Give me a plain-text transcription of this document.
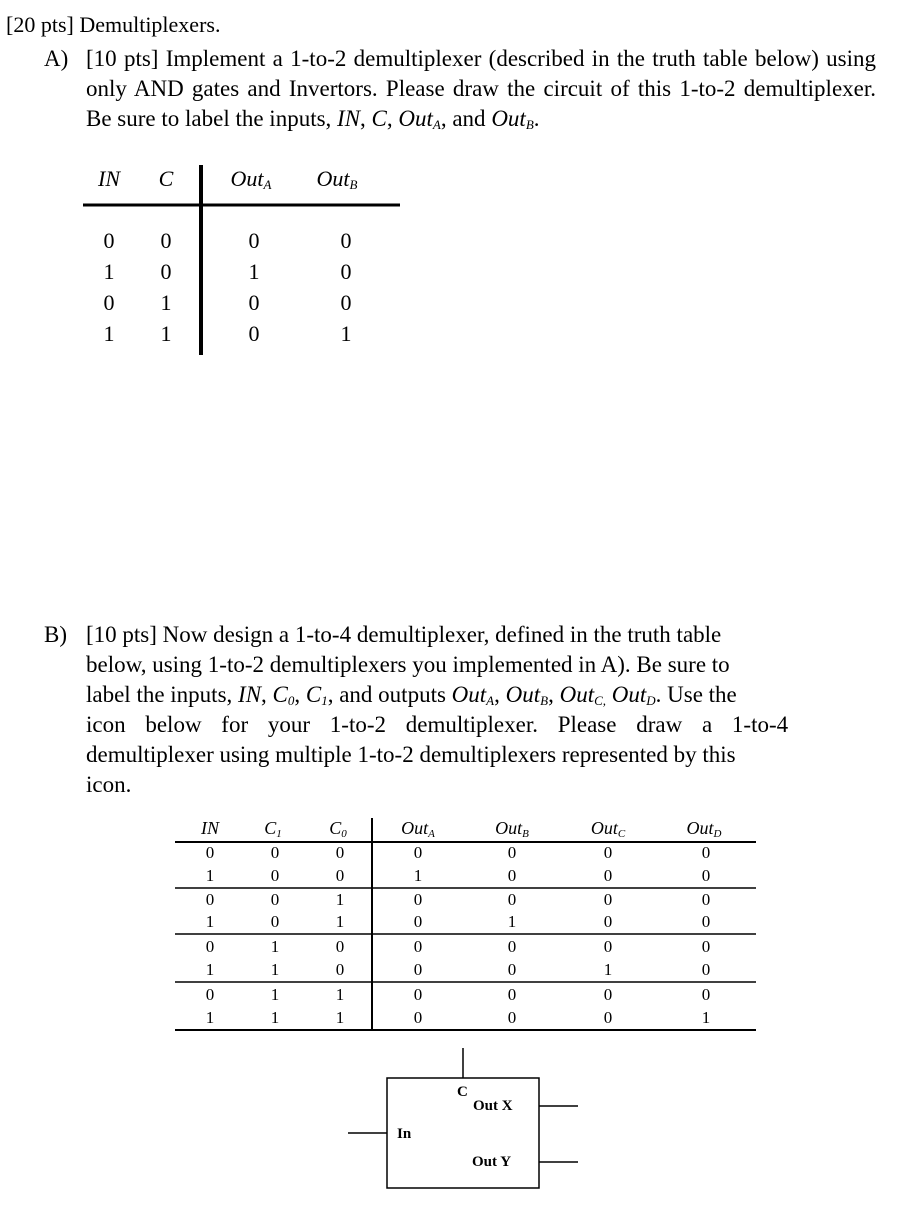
[20 pts] Demultiplexers.
A) [10 pts] Implement a 1-to-2 demultiplexer (described in the truth table below) using only AND gates and Invertors. Please draw the circuit of this 1-to-2 demultiplexer. Be sure to label the inputs, IN, C, Out$_A$, and Out$_B$.
IN	C	Out$_A$	Out$_B$
0	0	0	0
1	0	1	0
0	1	0	0
1	1	0	1
B) [10 pts] Now design a 1-to-4 demultiplexer, defined in the truth table
below, using 1-to-2 demultiplexers you implemented in A). Be sure to
label the inputs, IN, $C_0$, $C_1$, and outputs Out$_A$, Out$_B$, Out$_{C,}$ Out$_D$. Use the
icon below for your 1-to-2 demultiplexer. Please draw a 1-to-4
demultiplexer using multiple 1-to-2 demultiplexers represented by this
icon.
IN	$C_1$	$C_0$	Out$_A$	Out$_B$	Out$_C$	Out$_D$
0	0	0	0	0	0	0
1	0	0	1	0	0	0
0	0	1	0	0	0	0
1	0	1	0	1	0	0
0	1	0	0	0	0	0
1	1	0	0	0	1	0
0	1	1	0	0	0	0
1	1	1	0	0	0	1
C
Out X
In
Out Y
